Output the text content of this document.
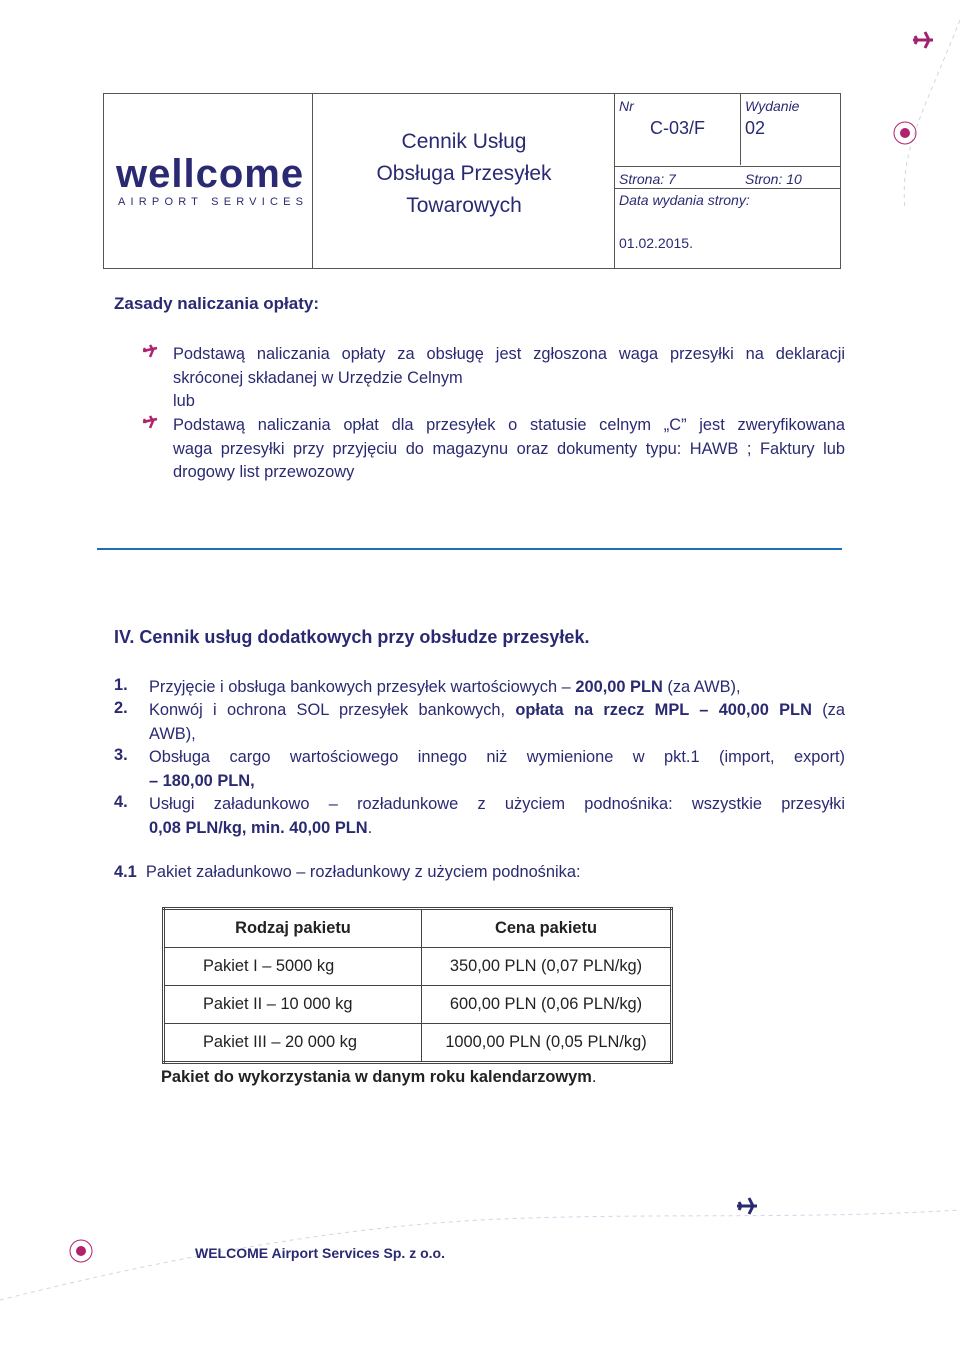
wellcome
AIRPORT SERVICES
Cennik Usług
Obsługa Przesyłek
Towarowych
Nr
C-03/F
Wydanie
02
Strona: 7	Stron: 10
Data wydania strony:
01.02.2015.
Zasady naliczania opłaty:
Podstawą naliczania opłaty za obsługę jest zgłoszona waga przesyłki na deklaracji
skróconej składanej w Urzędzie Celnym
lub
Podstawą naliczania opłat dla przesyłek o statusie celnym „C” jest zweryfikowana
waga przesyłki przy przyjęciu do magazynu oraz dokumenty typu: HAWB ; Faktury lub
drogowy list przewozowy
IV. Cennik usług dodatkowych przy obsłudze przesyłek.
1. Przyjęcie i obsługa bankowych przesyłek wartościowych – 200,00 PLN (za AWB),
2. Konwój i ochrona SOL przesyłek bankowych, opłata na rzecz MPL – 400,00 PLN (za
AWB),
3. Obsługa cargo wartościowego innego niż wymienione w pkt.1 (import, export)
– 180,00 PLN,
4. Usługi załadunkowo – rozładunkowe z użyciem podnośnika: wszystkie przesyłki
0,08 PLN/kg, min. 40,00 PLN.
4.1 Pakiet załadunkowo – rozładunkowy z użyciem podnośnika:
Rodzaj pakietu	Cena pakietu
Pakiet I – 5000 kg	350,00 PLN (0,07 PLN/kg)
Pakiet II – 10 000 kg	600,00 PLN (0,06 PLN/kg)
Pakiet III – 20 000 kg	1000,00 PLN (0,05 PLN/kg)
Pakiet do wykorzystania w danym roku kalendarzowym.
WELCOME Airport Services Sp. z o.o.
